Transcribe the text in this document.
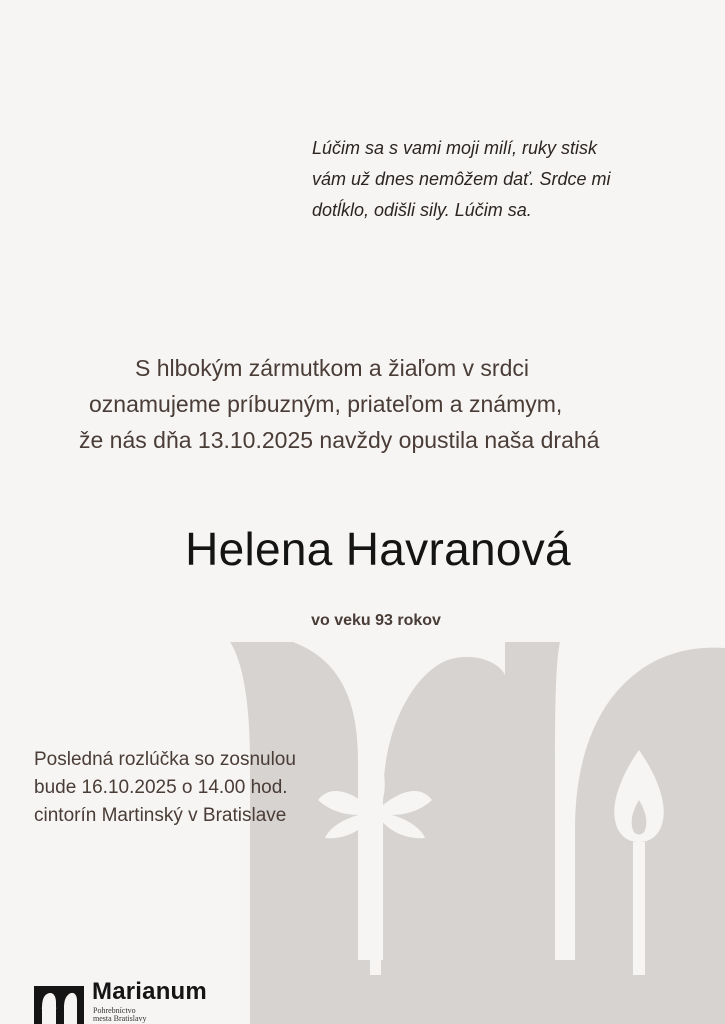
Lúčim sa s vami moji milí, ruky stisk
vám už dnes nemôžem dať. Srdce mi
dotĺklo, odišli sily. Lúčim sa.
S hlbokým zármutkom a žiaľom v srdci
oznamujeme príbuzným, priateľom a známym,
že nás dňa 13.10.2025 navždy opustila naša drahá
Helena Havranová
vo veku 93 rokov
Posledná rozlúčka so zosnulou
bude 16.10.2025 o 14.00 hod.
cintorín Martinský v Bratislave
Marianum
Pohrebníctvo
mesta Bratislavy
